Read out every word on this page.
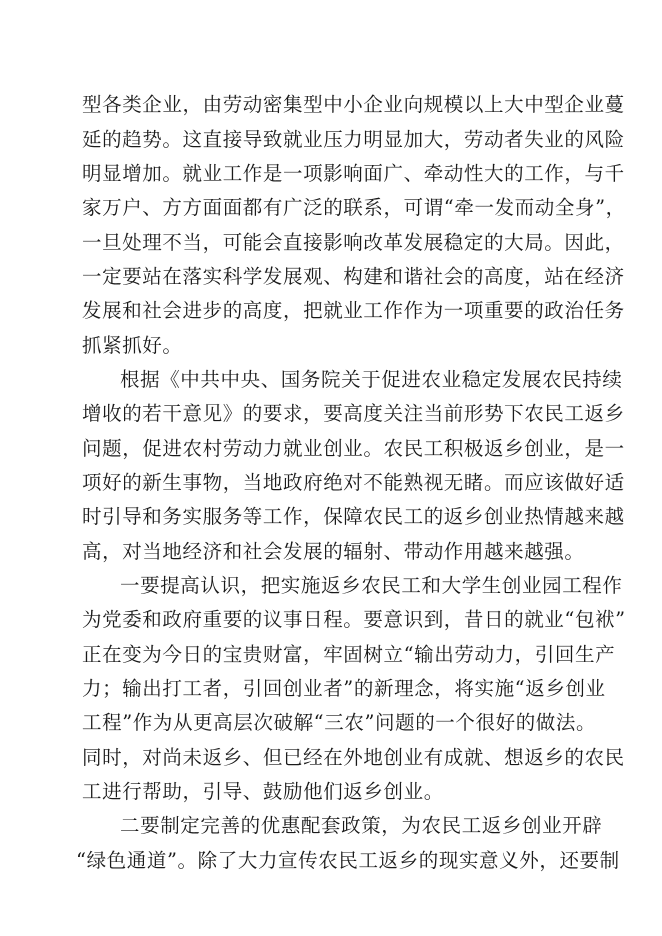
型各类企业，由劳动密集型中小企业向规模以上大中型企业蔓
延的趋势。这直接导致就业压力明显加大，劳动者失业的风险
明显增加。就业工作是一项影响面广、牵动性大的工作，与千
家万户、方方面面都有广泛的联系，可谓“牵一发而动全身”，
一旦处理不当，可能会直接影响改革发展稳定的大局。因此，
一定要站在落实科学发展观、构建和谐社会的高度，站在经济
发展和社会进步的高度，把就业工作作为一项重要的政治任务
抓紧抓好。
根据《中共中央、国务院关于促进农业稳定发展农民持续
增收的若干意见》的要求，要高度关注当前形势下农民工返乡
问题，促进农村劳动力就业创业。农民工积极返乡创业，是一
项好的新生事物，当地政府绝对不能熟视无睹。而应该做好适
时引导和务实服务等工作，保障农民工的返乡创业热情越来越
高，对当地经济和社会发展的辐射、带动作用越来越强。
一要提高认识，把实施返乡农民工和大学生创业园工程作
为党委和政府重要的议事日程。要意识到，昔日的就业“包袱”
正在变为今日的宝贵财富，牢固树立“输出劳动力，引回生产
力；输出打工者，引回创业者”的新理念，将实施“返乡创业
工程”作为从更高层次破解“三农”问题的一个很好的做法。
同时，对尚未返乡、但已经在外地创业有成就、想返乡的农民
工进行帮助，引导、鼓励他们返乡创业。
二要制定完善的优惠配套政策，为农民工返乡创业开辟
“绿色通道”。除了大力宣传农民工返乡的现实意义外，还要制
